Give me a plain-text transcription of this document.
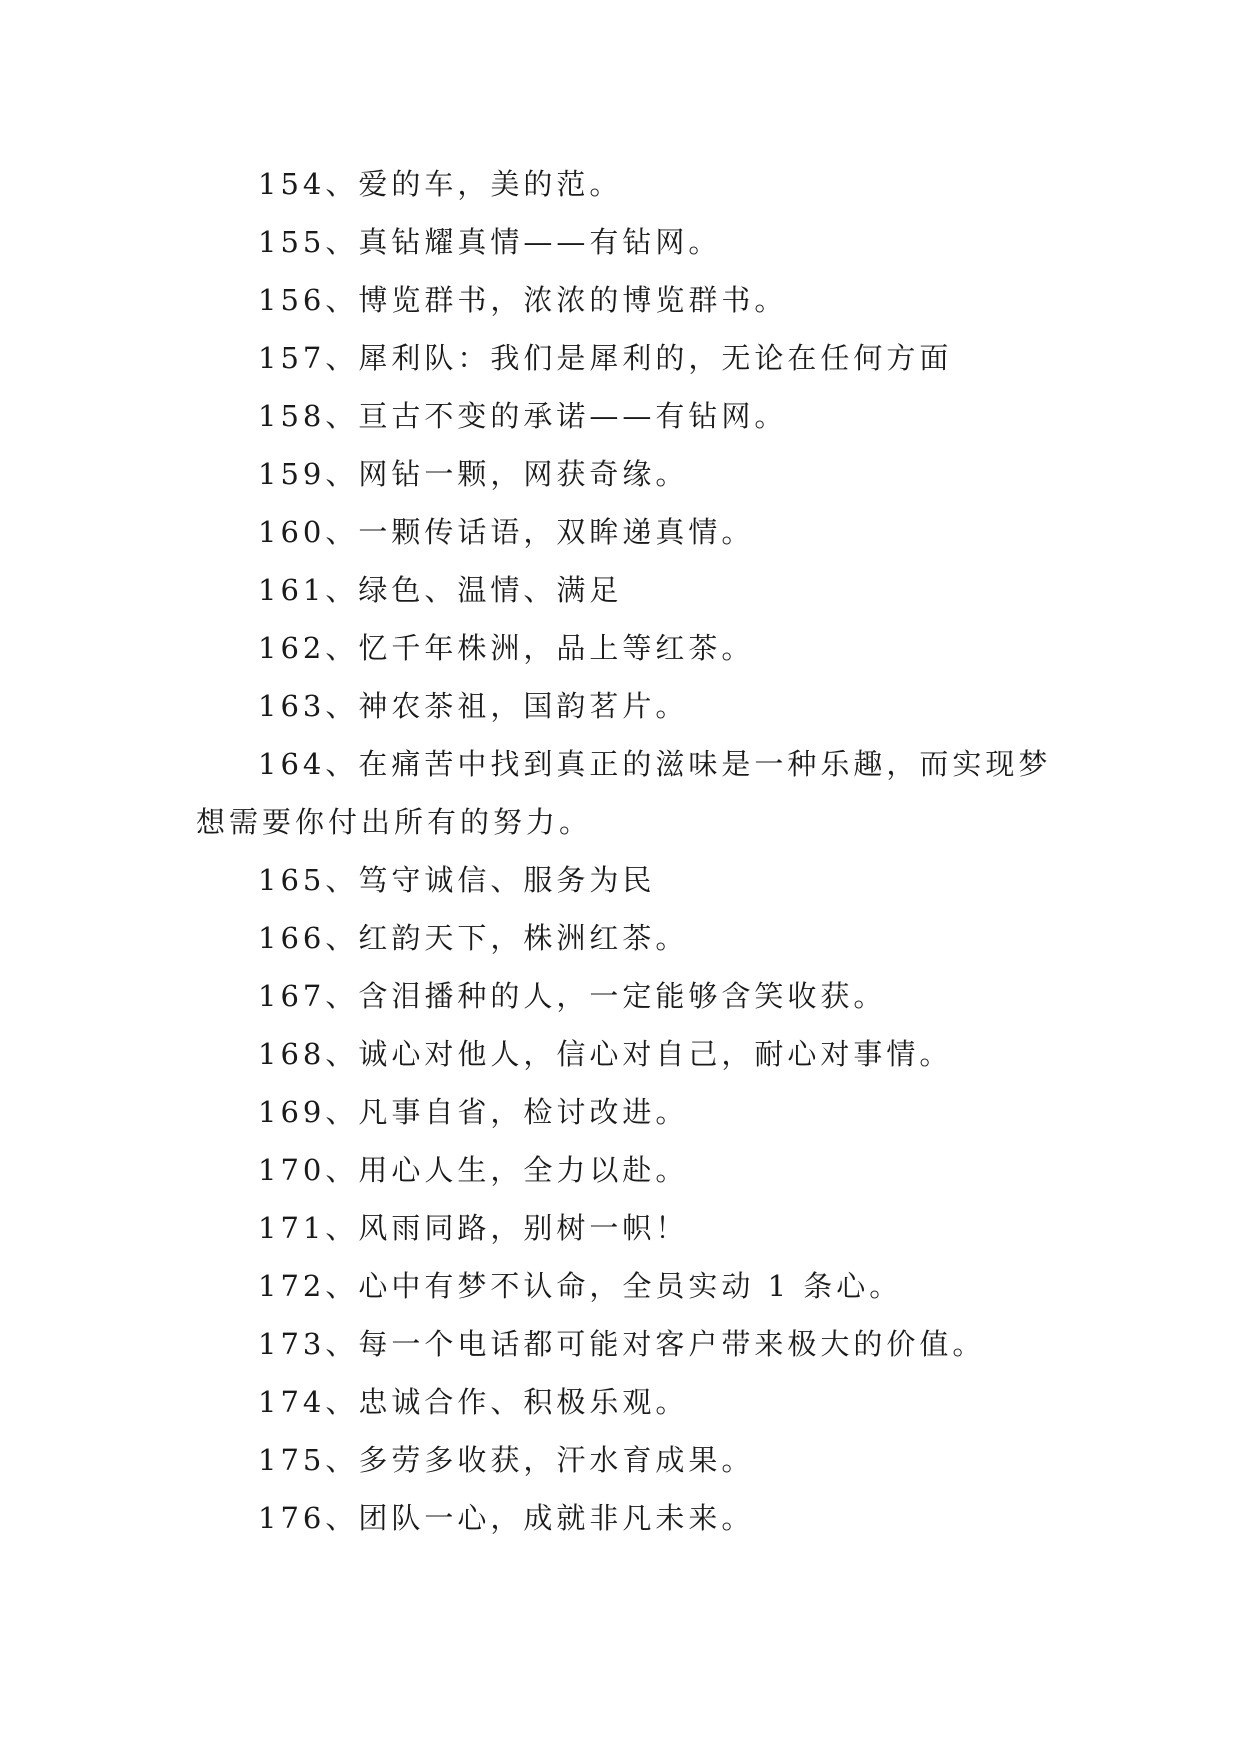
154、爱的车，美的范。

155、真钻耀真情——有钻网。

156、博览群书，浓浓的博览群书。

157、犀利队：我们是犀利的，无论在任何方面

158、亘古不变的承诺——有钻网。

159、网钻一颗，网获奇缘。

160、一颗传话语，双眸递真情。

161、绿色、温情、满足

162、忆千年株洲，品上等红茶。

163、神农茶祖，国韵茗片。

164、在痛苦中找到真正的滋味是一种乐趣，而实现梦想需要你付出所有的努力。

165、笃守诚信、服务为民

166、红韵天下，株洲红茶。

167、含泪播种的人，一定能够含笑收获。

168、诚心对他人，信心对自己，耐心对事情。

169、凡事自省，检讨改进。

170、用心人生，全力以赴。

171、风雨同路，别树一帜！

172、心中有梦不认命，全员实动 1 条心。

173、每一个电话都可能对客户带来极大的价值。

174、忠诚合作、积极乐观。

175、多劳多收获，汗水育成果。

176、团队一心，成就非凡未来。
